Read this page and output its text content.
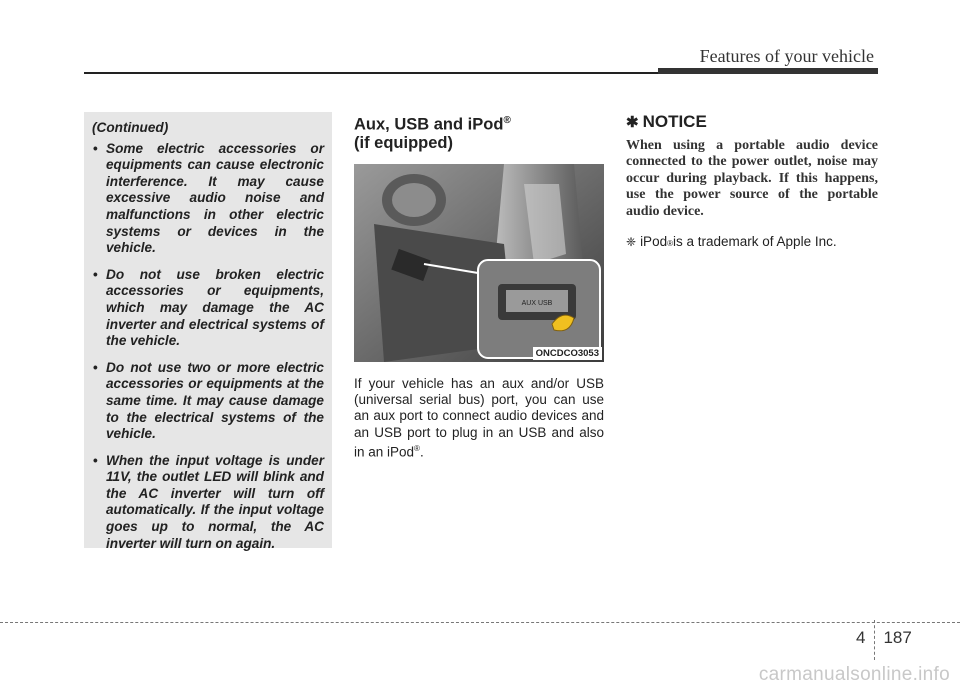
Features of your vehicle

(Continued)

• Some electric accessories or equipments can cause electronic interference. It may cause excessive audio noise and malfunctions in other electric systems or devices in the vehicle.
• Do not use broken electric accessories or equipments, which may damage the AC inverter and electrical systems of the vehicle.
• Do not use two or more electric accessories or equipments at the same time. It may cause damage to the electrical systems of the vehicle.
• When the input voltage is under 11V, the outlet LED will blink and the AC inverter will turn off automatically. If the input voltage goes up to normal, the AC inverter will turn on again.
Aux, USB and iPod®
(if equipped)
AUX USB
ONCDCO3053

If your vehicle has an aux and/or USB (universal serial bus) port, you can use an aux port to connect audio devices and an USB port to plug in an USB and also in an iPod®.

✱ NOTICE

When using a portable audio device connected to the power outlet, noise may occur during playback. If this happens, use the power source of the portable audio device.

❈ iPod ® is a trademark of Apple Inc.
4 187
carmanualsonline.info
